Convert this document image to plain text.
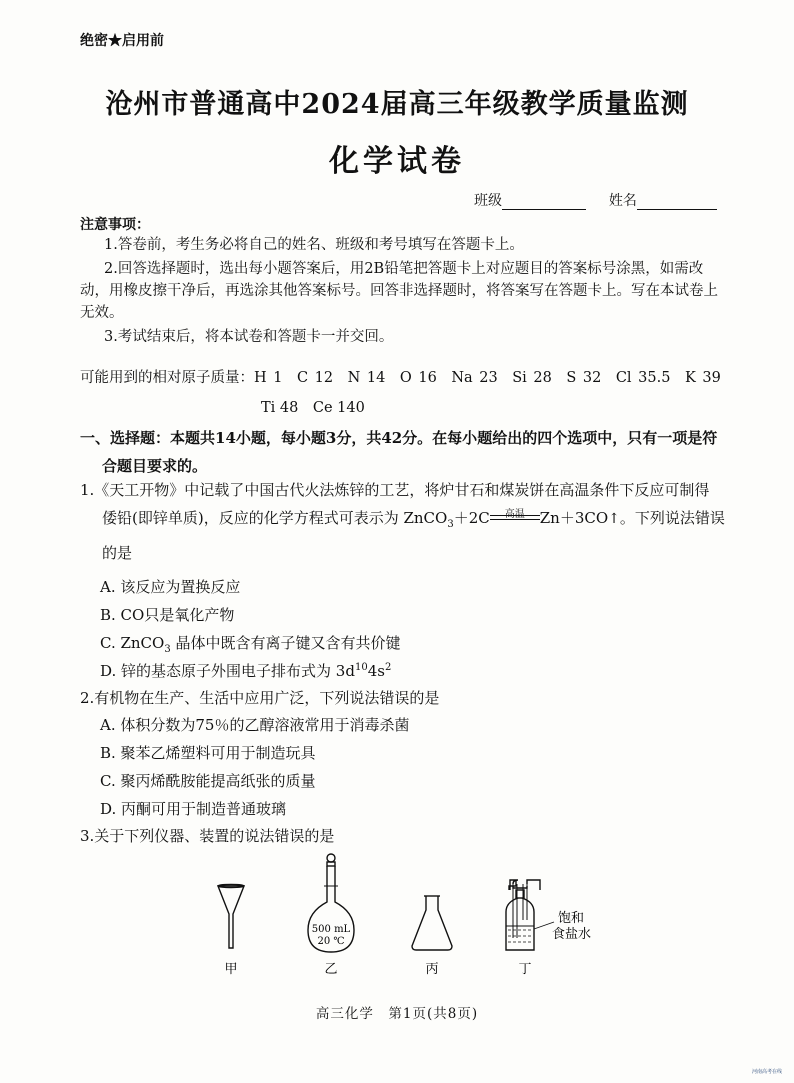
绝密★启用前
沧州市普通高中2024届高三年级教学质量监测
化学试卷
班级	姓名
注意事项：
1.答卷前，考生务必将自己的姓名、班级和考号填写在答题卡上。
2.回答选择题时，选出每小题答案后，用2B铅笔把答题卡上对应题目的答案标号涂黑，如需改动，用橡皮擦干净后，再选涂其他答案标号。回答非选择题时，将答案写在答题卡上。写在本试卷上无效。
3.考试结束后，将本试卷和答题卡一并交回。
可能用到的相对原子质量：H 1　C 12　N 14　O 16　Na 23　Si 28　S 32　Cl 35.5　K 39
Ti 48　Ce 140
一、选择题：本题共14小题，每小题3分，共42分。在每小题给出的四个选项中，只有一项是符
合题目要求的。
1.《天工开物》中记载了中国古代火法炼锌的工艺，将炉甘石和煤炭饼在高温条件下反应可制得
倭铅(即锌单质)，反应的化学方程式可表示为 ZnCO$_3$＋2C	高温	Zn＋3CO↑。下列说法错误
的是
A. 该反应为置换反应
B. CO只是氧化产物
C. ZnCO$_3$ 晶体中既含有离子键又含有共价键
D. 锌的基态原子外围电子排布式为 $3d^{10}4s^2$
2.有机物在生产、生活中应用广泛，下列说法错误的是
A. 体积分数为75％的乙醇溶液常用于消毒杀菌
B. 聚苯乙烯塑料可用于制造玩具
C. 聚丙烯酰胺能提高纸张的质量
D. 丙酮可用于制造普通玻璃
3.关于下列仪器、装置的说法错误的是
500 mL
20 ℃
饱和
食盐水
甲	乙	丙	丁
高三化学　第1页(共8页)
河南高考在线
